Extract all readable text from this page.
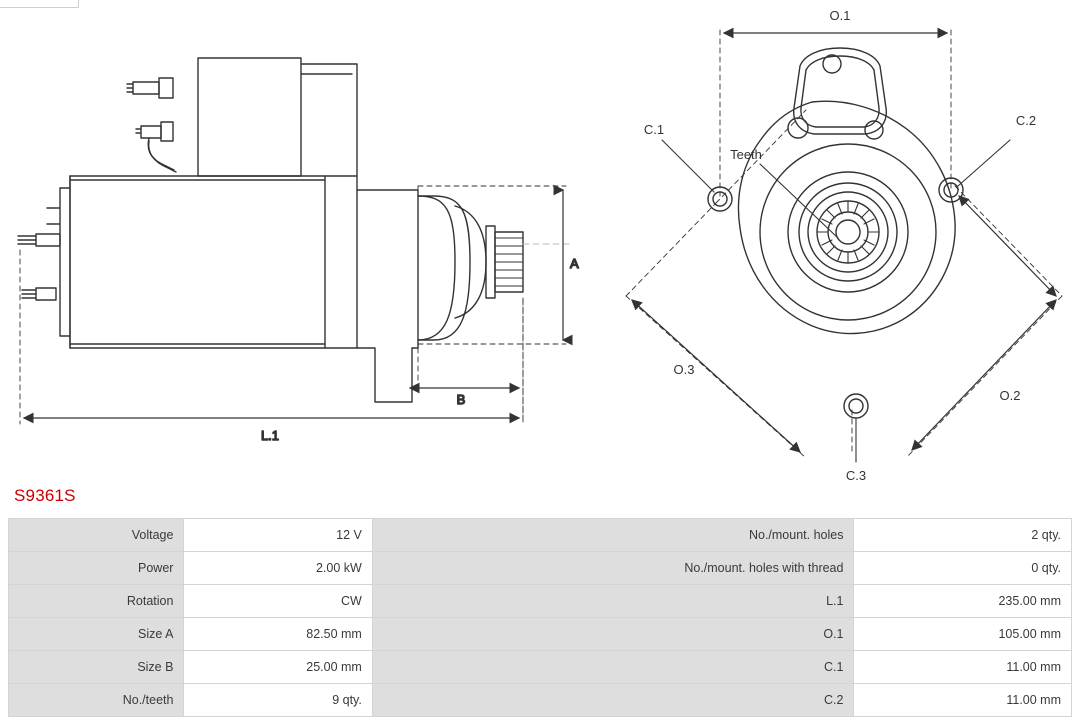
A
B
L.1
O.1
O.2
O.3
C.1
C.2
C.3
Teeth
S9361S
Voltage	12 V	No./mount. holes	2 qty.
Power	2.00 kW	No./mount. holes with thread	0 qty.
Rotation	CW	L.1	235.00 mm
Size A	82.50 mm	O.1	105.00 mm
Size B	25.00 mm	C.1	11.00 mm
No./teeth	9 qty.	C.2	11.00 mm
